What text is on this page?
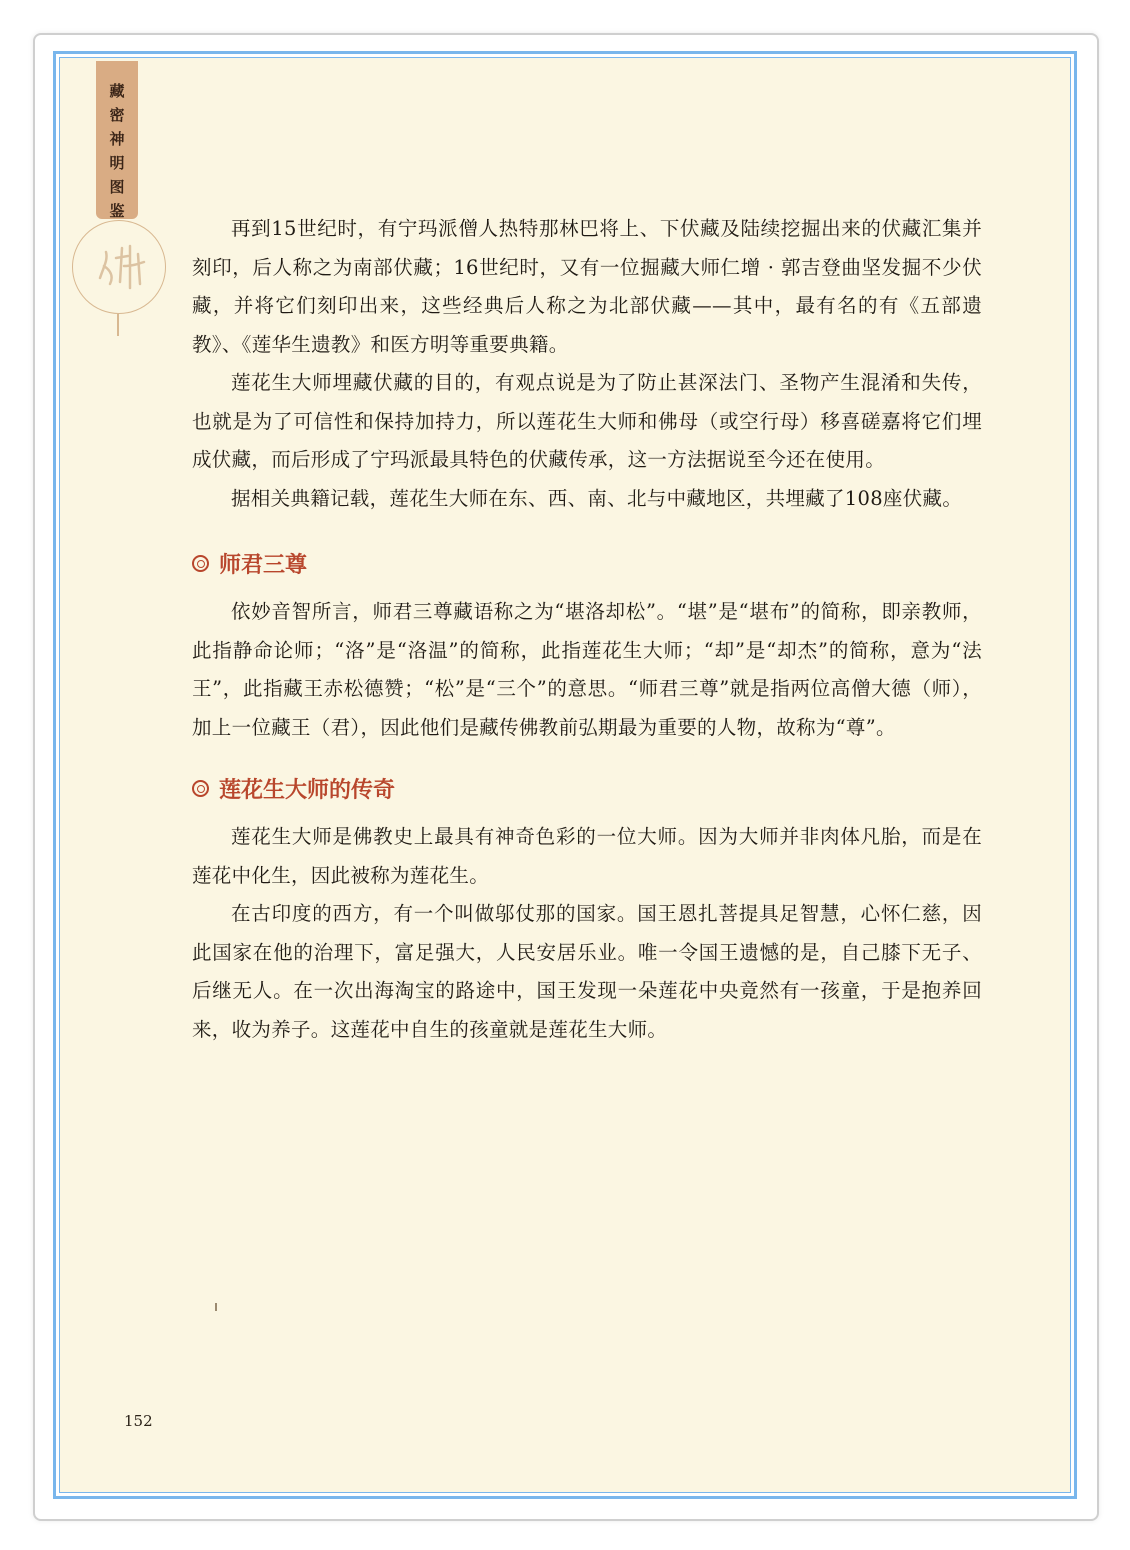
藏
密
神
明
图
鉴

再到15世纪时，有宁玛派僧人热特那林巴将上、下伏藏及陆续挖掘出来的伏藏汇集并刻印，后人称之为南部伏藏；16世纪时，又有一位掘藏大师仁增 · 郭吉登曲坚发掘不少伏藏，并将它们刻印出来，这些经典后人称之为北部伏藏——其中，最有名的有《五部遗教》、《莲华生遗教》和医方明等重要典籍。

莲花生大师埋藏伏藏的目的，有观点说是为了防止甚深法门、圣物产生混淆和失传，也就是为了可信性和保持加持力，所以莲花生大师和佛母（或空行母）移喜磋嘉将它们埋成伏藏，而后形成了宁玛派最具特色的伏藏传承，这一方法据说至今还在使用。

据相关典籍记载，莲花生大师在东、西、南、北与中藏地区，共埋藏了108座伏藏。

师君三尊

依妙音智所言，师君三尊藏语称之为“堪洛却松”。“堪”是“堪布”的简称，即亲教师，此指静命论师；“洛”是“洛温”的简称，此指莲花生大师；“却”是“却杰”的简称，意为“法王”，此指藏王赤松德赞；“松”是“三个”的意思。“师君三尊”就是指两位高僧大德（师），加上一位藏王（君），因此他们是藏传佛教前弘期最为重要的人物，故称为“尊”。

莲花生大师的传奇

莲花生大师是佛教史上最具有神奇色彩的一位大师。因为大师并非肉体凡胎，而是在莲花中化生，因此被称为莲花生。

在古印度的西方，有一个叫做邬仗那的国家。国王恩扎菩提具足智慧，心怀仁慈，因此国家在他的治理下，富足强大，人民安居乐业。唯一令国王遗憾的是，自己膝下无子、后继无人。在一次出海淘宝的路途中，国王发现一朵莲花中央竟然有一孩童，于是抱养回来，收为养子。这莲花中自生的孩童就是莲花生大师。

152
